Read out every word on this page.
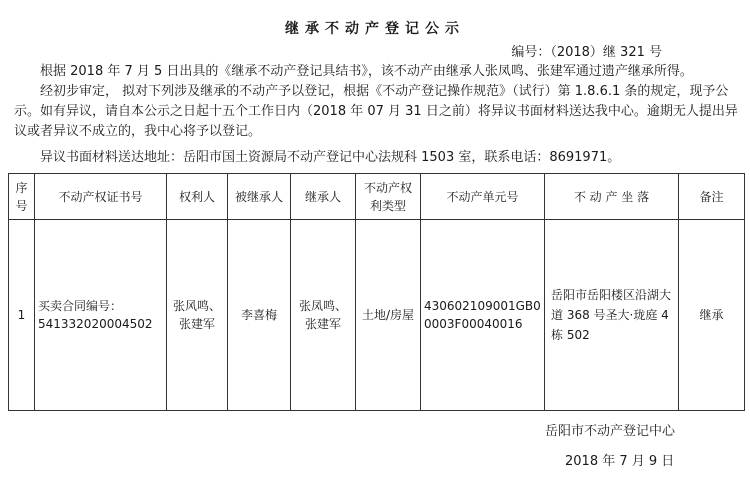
继承不动产登记公示
编号：（2018）继 321 号
根据 2018 年 7 月 5 日出具的《继承不动产登记具结书》，该不动产由继承人张凤鸣、张建军通过遗产继承所得。
经初步审定， 拟对下列涉及继承的不动产予以登记，根据《不动产登记操作规范》（试行）第 1.8.6.1 条的规定，现予公示。如有异议，请自本公示之日起十五个工作日内（2018 年 07 月 31 日之前）将异议书面材料送达我中心。逾期无人提出异议或者异议不成立的，我中心将予以登记。
异议书面材料送达地址：岳阳市国土资源局不动产登记中心法规科 1503 室，联系电话：8691971。
序号	不动产权证书号	权利人	被继承人	继承人	不动产权利类型	不动产单元号	不 动 产 坐 落	备注
1	买卖合同编号：541332020004502	张风鸣、张建军	李喜梅	张凤鸣、张建军	土地/房屋	430602109001GB00003F00040016	岳阳市岳阳楼区沿湖大道 368 号圣大·珑庭 4 栋 502	继承
岳阳市不动产登记中心
2018 年 7 月 9 日
